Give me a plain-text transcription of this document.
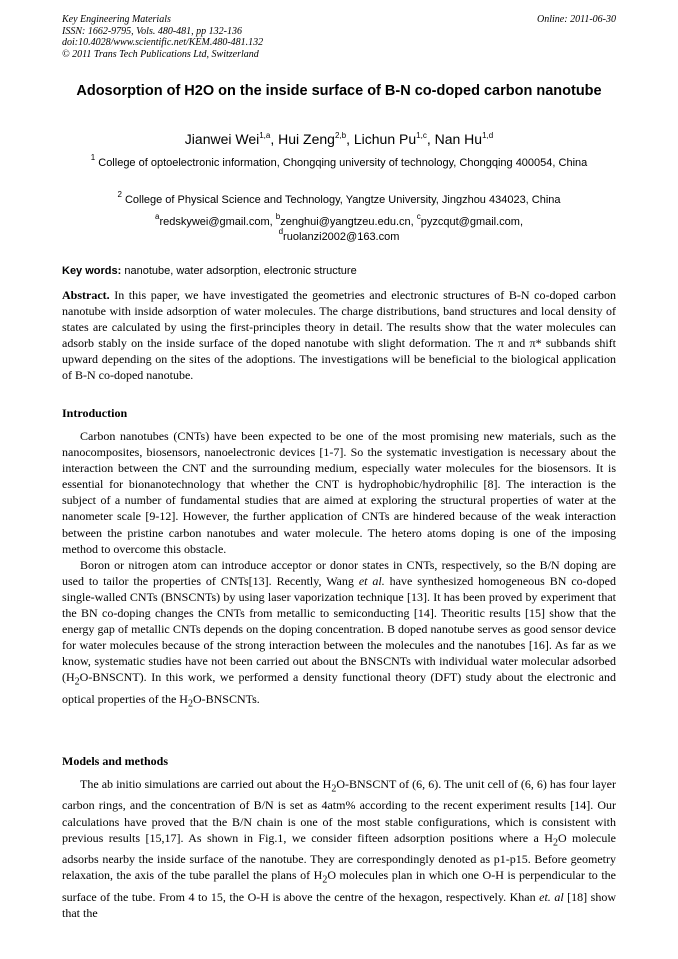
Key Engineering Materials
ISSN: 1662-9795, Vols. 480-481, pp 132-136
doi:10.4028/www.scientific.net/KEM.480-481.132
© 2011 Trans Tech Publications Ltd, Switzerland
Online: 2011-06-30
Adosorption of H2O on the inside surface of B-N co-doped carbon nanotube
Jianwei Wei$^{1,a}$, Hui Zeng$^{2,b}$, Lichun Pu$^{1,c}$, Nan Hu$^{1,d}$
$^1$ College of optoelectronic information, Chongqing university of technology, Chongqing 400054, China
$^2$ College of Physical Science and Technology, Yangtze University, Jingzhou 434023, China
$^a$redskywei@gmail.com, $^b$zenghui@yangtzeu.edu.cn, $^c$pyzcqut@gmail.com,
$^d$ruolanzi2002@163.com
Key words: nanotube, water adsorption, electronic structure
Abstract. In this paper, we have investigated the geometries and electronic structures of B-N co-doped carbon nanotube with inside adsorption of water molecules. The charge distributions, band structures and local density of states are calculated by using the first-principles theory in detail. The results show that the water molecules can adsorb stably on the inside surface of the doped nanotube with slight deformation. The π and π* subbands shift upward depending on the sites of the adoptions. The investigations will be beneficial to the biological application of B-N co-doped nanotube.
Introduction

Carbon nanotubes (CNTs) have been expected to be one of the most promising new materials, such as the nanocomposites, biosensors, nanoelectronic devices [1-7]. So the systematic investigation is necessary about the interaction between the CNT and the surrounding medium, especially water molecules for the biosensors. It is essential for bionanotechnology that whether the CNT is hydrophobic/hydrophilic [8]. The interaction is the subject of a number of fundamental studies that are aimed at exploring the structural properties of water at the nanometer scale [9-12]. However, the further application of CNTs are hindered because of the weak interaction between the pristine carbon nanotubes and water molecule. The hetero atoms doping is one of the imposing method to overcome this obstacle.

Boron or nitrogen atom can introduce acceptor or donor states in CNTs, respectively, so the B/N doping are used to tailor the properties of CNTs[13]. Recently, Wang et al. have synthesized homogeneous BN co-doped single-walled CNTs (BNSCNTs) by using laser vaporization technique [13]. It has been proved by experiment that the BN co-doping changes the CNTs from metallic to semiconducting [14]. Theoritic results [15] show that the energy gap of metallic CNTs depends on the doping concentration. B doped nanotube serves as good sensor device for water molecules because of the strong interaction between the molecules and the nanotubes [16]. As far as we know, systematic studies have not been carried out about the BNSCNTs with individual water molecular adsorbed $(H_2O-BNSCNT)$. In this work, we performed a density functional theory (DFT) study about the electronic and optical properties of the $H_2O$-BNSCNTs.

Models and methods

The ab initio simulations are carried out about the $H_2O$-BNSCNT of (6, 6). The unit cell of (6, 6) has four layer carbon rings, and the concentration of B/N is set as 4atm% according to the recent experiment results [14]. Our calculations have proved that the B/N chain is one of the most stable configurations, which is consistent with previous results [15,17]. As shown in Fig.1, we consider fifteen adsorption positions where a $H_2O$ molecule adsorbs nearby the inside surface of the nanotube. They are correspondingly denoted as p1-p15. Before geometry relaxation, the axis of the tube parallel the plans of $H_2O$ molecules plan in which one O-H is perpendicular to the surface of the tube. From 4 to 15, the O-H is above the centre of the hexagon, respectively. Khan et. al [18] show that the
